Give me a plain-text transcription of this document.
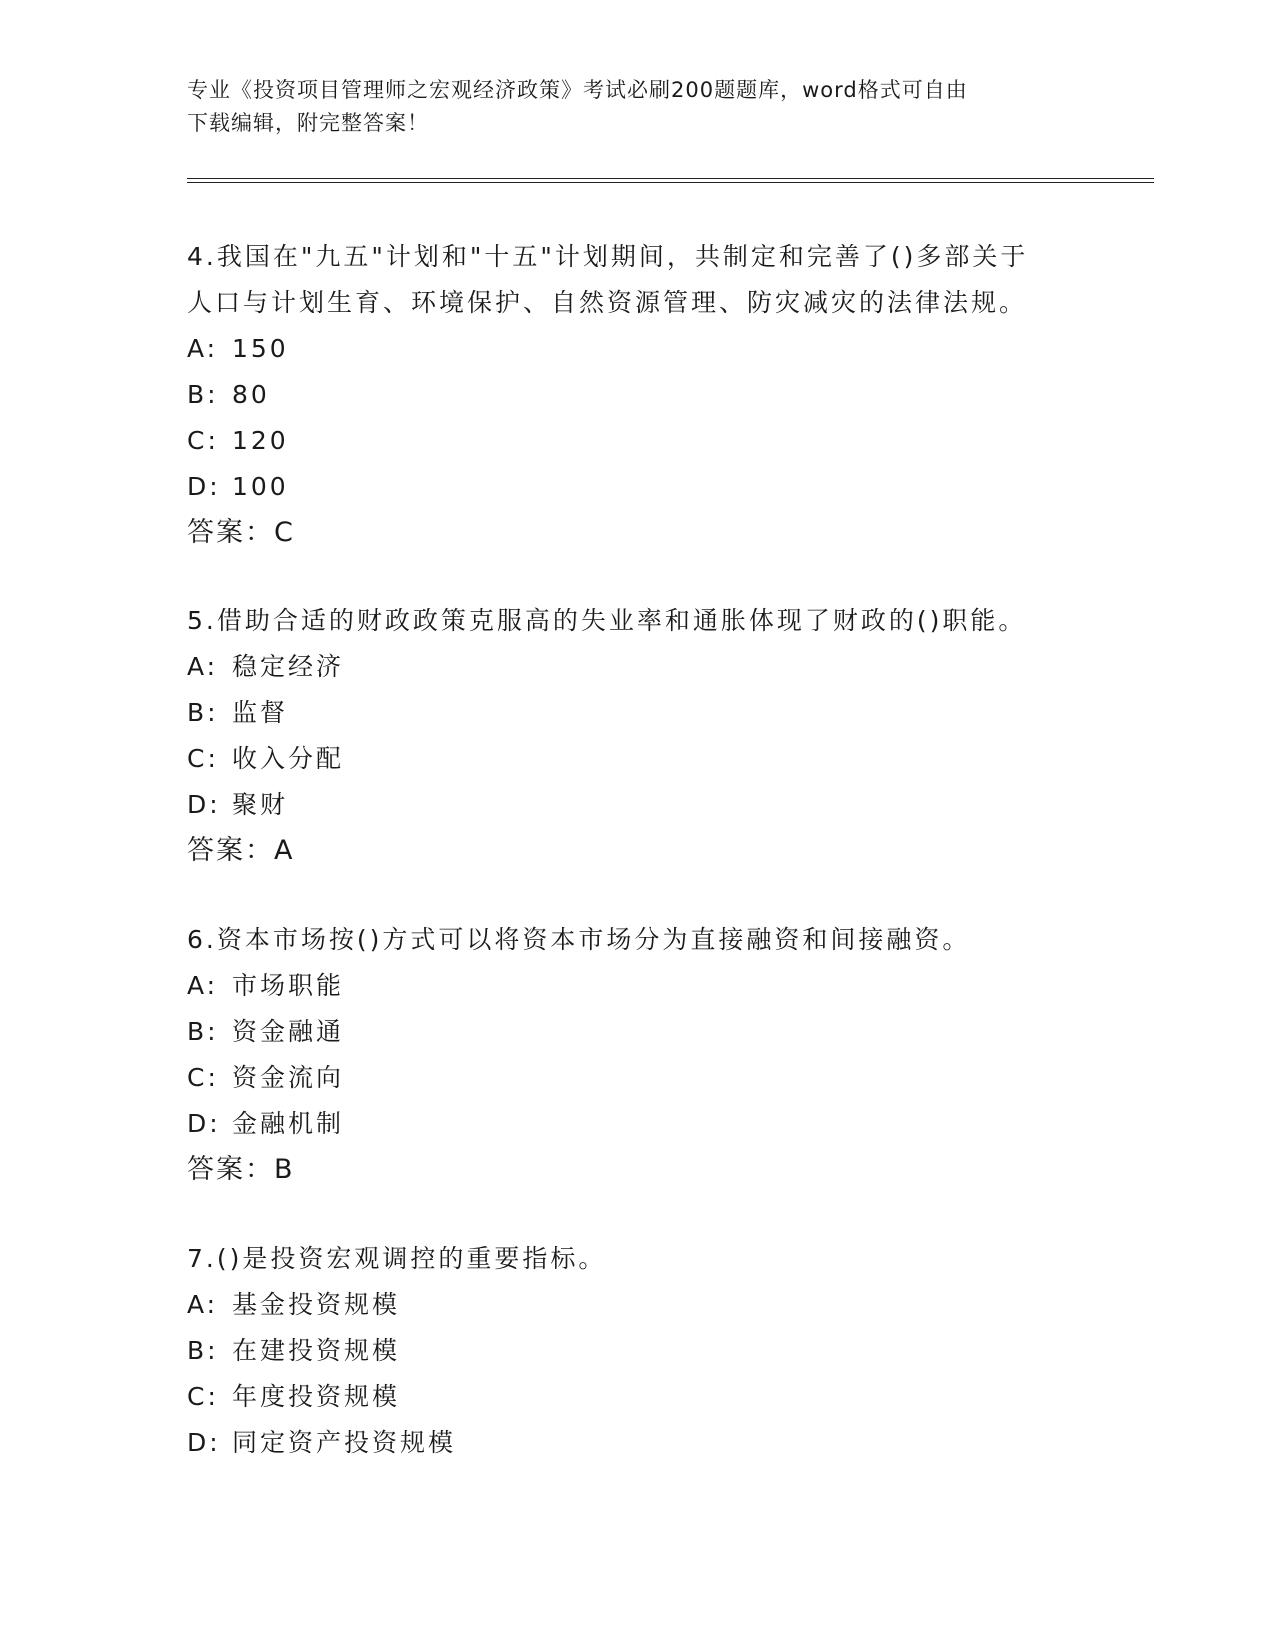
专业《投资项目管理师之宏观经济政策》考试必刷200题题库，word格式可自由
下载编辑，附完整答案！
4.我国在"九五"计划和"十五"计划期间，共制定和完善了()多部关于
人口与计划生育、环境保护、自然资源管理、防灾减灾的法律法规。
A: 150
B: 80
C: 120
D: 100
答案：C
5.借助合适的财政政策克服高的失业率和通胀体现了财政的()职能。
A: 稳定经济
B: 监督
C: 收入分配
D: 聚财
答案：A
6.资本市场按()方式可以将资本市场分为直接融资和间接融资。
A: 市场职能
B: 资金融通
C: 资金流向
D: 金融机制
答案：B
7.()是投资宏观调控的重要指标。
A: 基金投资规模
B: 在建投资规模
C: 年度投资规模
D: 同定资产投资规模
